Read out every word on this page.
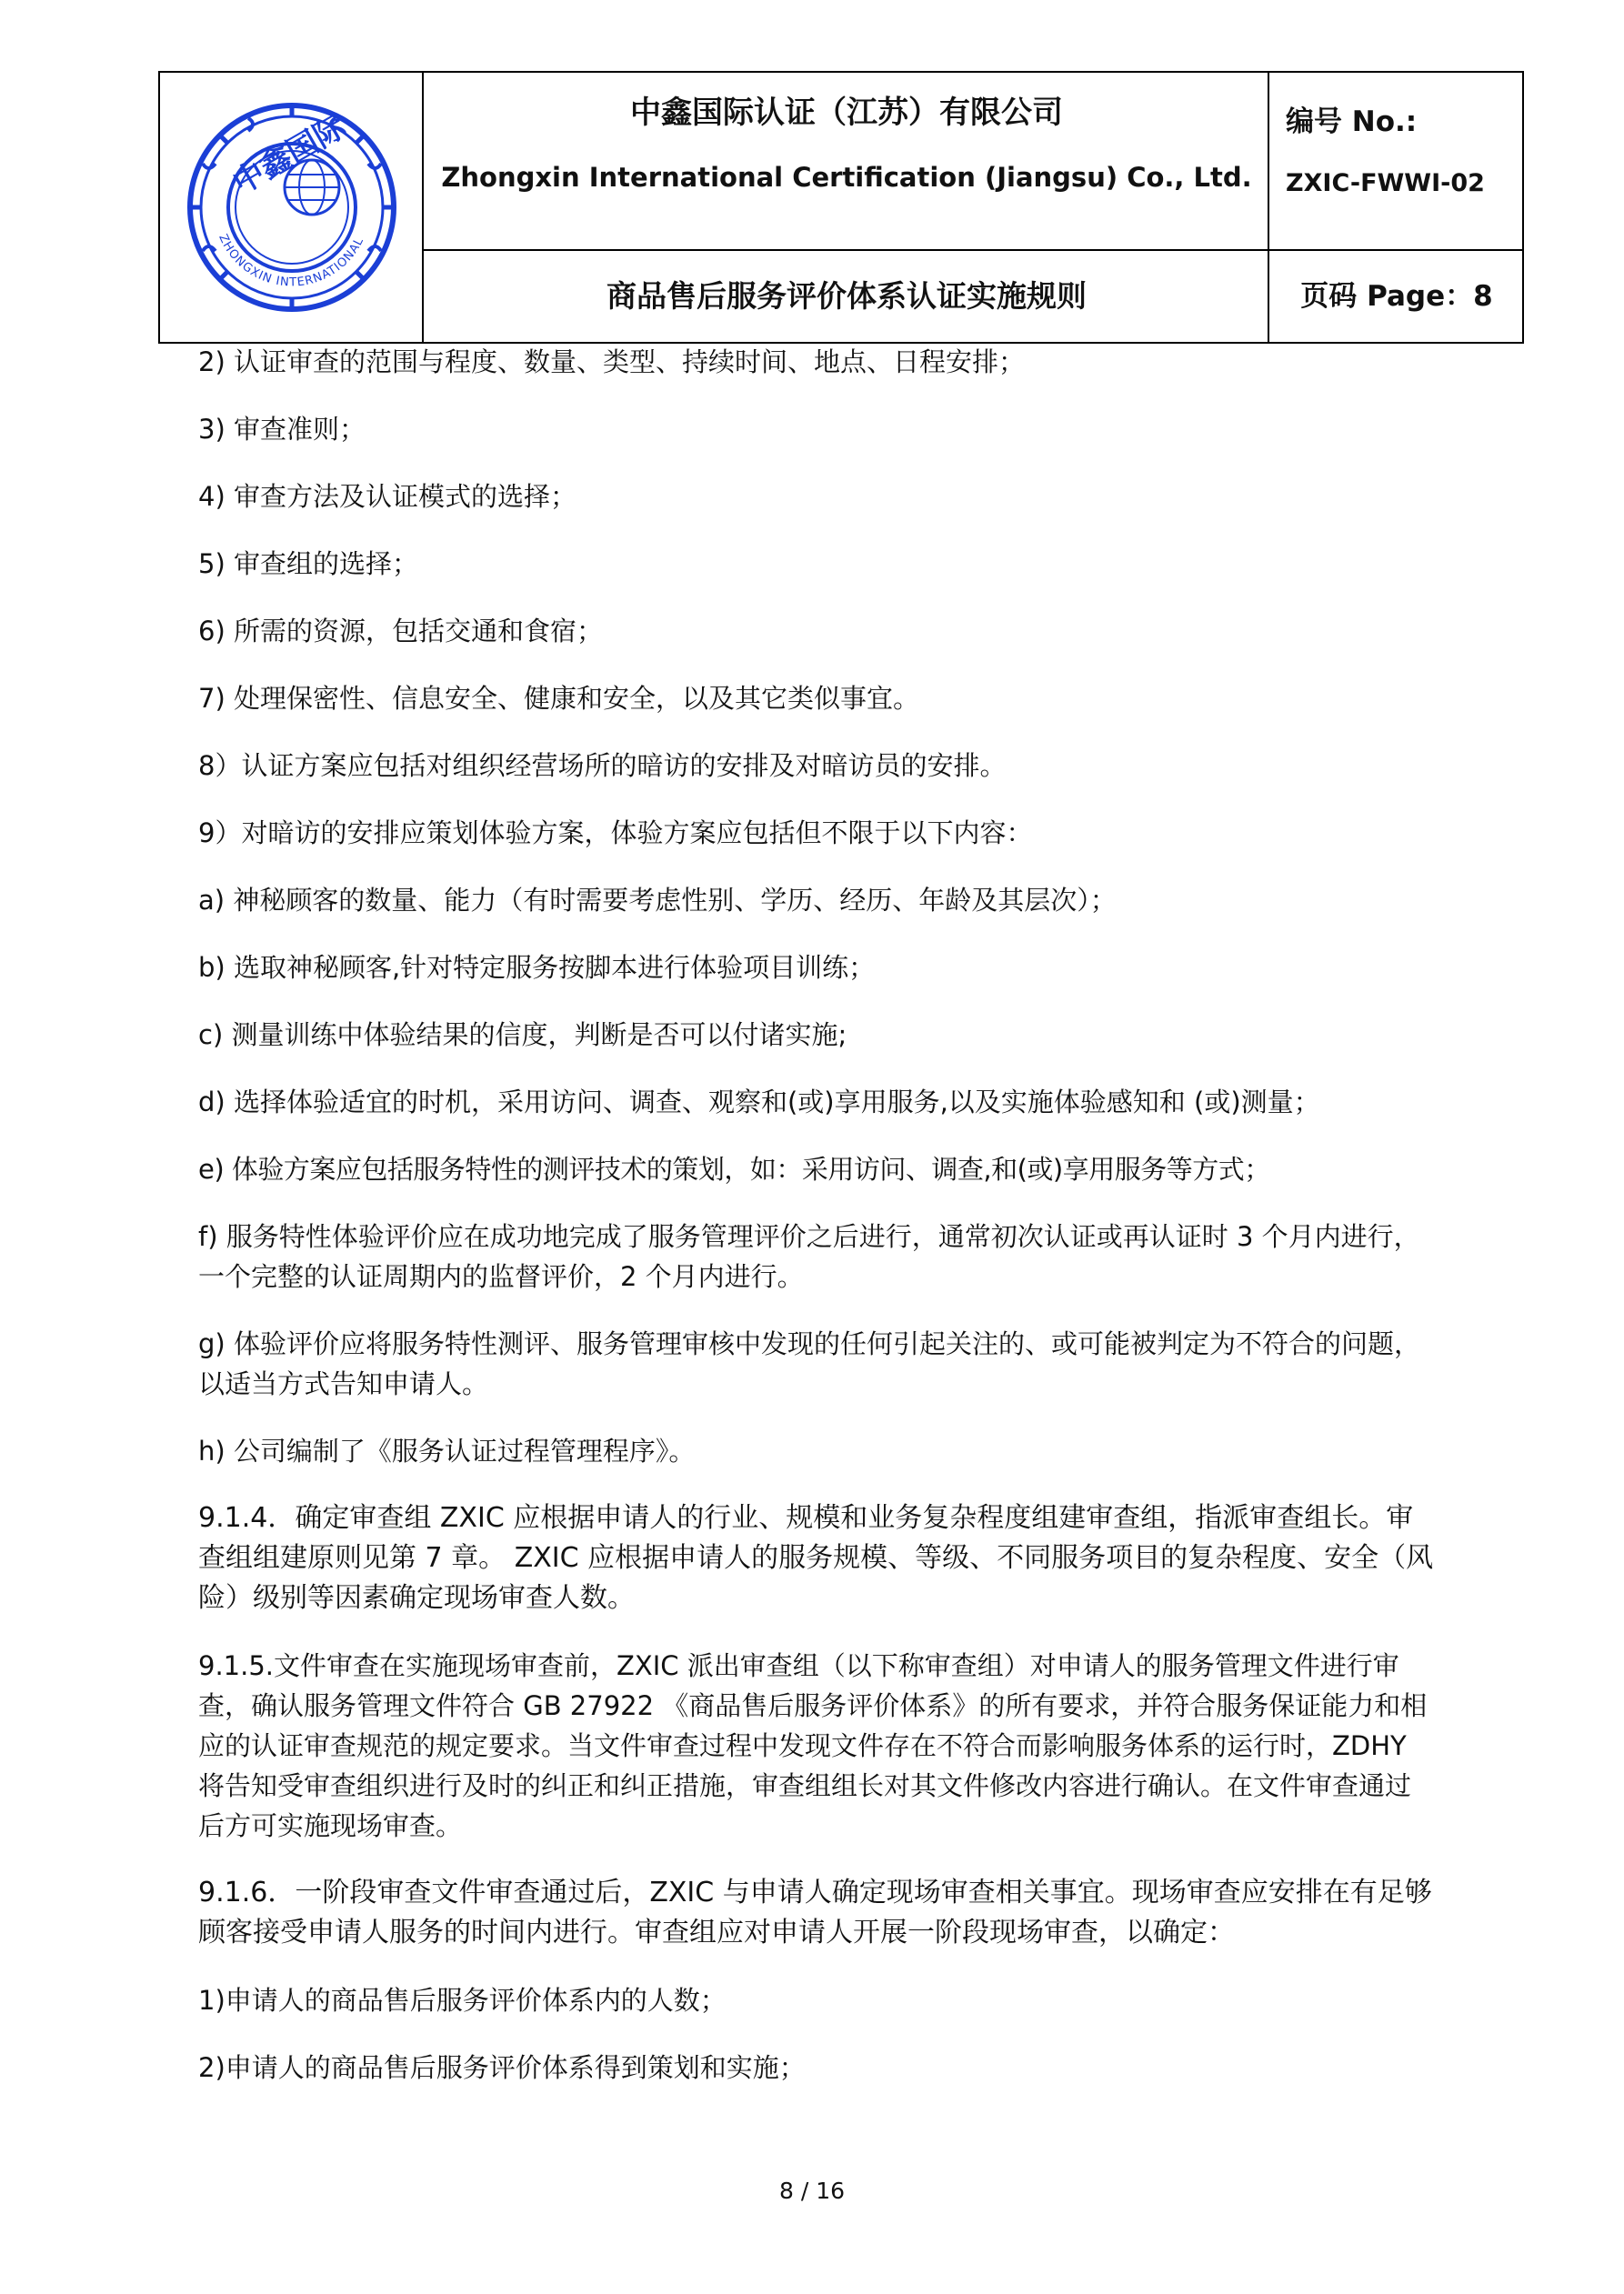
中鑫国际
ZHONGXIN INTERNATIONAL
中鑫国际认证（江苏）有限公司
Zhongxin International Certification (Jiangsu) Co., Ltd.
商品售后服务评价体系认证实施规则
编号 No.:
ZXIC-FWWI-02
页码 Page：8

2) 认证审查的范围与程度、数量、类型、持续时间、地点、日程安排；

3) 审查准则；

4) 审查方法及认证模式的选择；

5) 审查组的选择；

6) 所需的资源，包括交通和食宿；

7) 处理保密性、信息安全、健康和安全，以及其它类似事宜。

8）认证方案应包括对组织经营场所的暗访的安排及对暗访员的安排。

9）对暗访的安排应策划体验方案，体验方案应包括但不限于以下内容：

a) 神秘顾客的数量、能力（有时需要考虑性别、学历、经历、年龄及其层次）；

b) 选取神秘顾客,针对特定服务按脚本进行体验项目训练；

c) 测量训练中体验结果的信度，判断是否可以付诸实施;

d) 选择体验适宜的时机，采用访问、调查、观察和(或)享用服务,以及实施体验感知和 (或)测量；

e) 体验方案应包括服务特性的测评技术的策划，如：采用访问、调查,和(或)享用服务等方式；

f) 服务特性体验评价应在成功地完成了服务管理评价之后进行，通常初次认证或再认证时 3 个月内进行，一个完整的认证周期内的监督评价，2 个月内进行。

g) 体验评价应将服务特性测评、服务管理审核中发现的任何引起关注的、或可能被判定为不符合的问题，以适当方式告知申请人。

h) 公司编制了《服务认证过程管理程序》。

9.1.4．确定审查组 ZXIC 应根据申请人的行业、规模和业务复杂程度组建审查组，指派审查组长。审查组组建原则见第 7 章。 ZXIC 应根据申请人的服务规模、等级、不同服务项目的复杂程度、安全（风险）级别等因素确定现场审查人数。

9.1.5.文件审查在实施现场审查前，ZXIC 派出审查组（以下称审查组）对申请人的服务管理文件进行审查，确认服务管理文件符合 GB 27922 《商品售后服务评价体系》的所有要求，并符合服务保证能力和相应的认证审查规范的规定要求。当文件审查过程中发现文件存在不符合而影响服务体系的运行时，ZDHY 将告知受审查组织进行及时的纠正和纠正措施，审查组组长对其文件修改内容进行确认。在文件审查通过后方可实施现场审查。

9.1.6．一阶段审查文件审查通过后，ZXIC 与申请人确定现场审查相关事宜。现场审查应安排在有足够顾客接受申请人服务的时间内进行。审查组应对申请人开展一阶段现场审查，以确定：

1)申请人的商品售后服务评价体系内的人数；

2)申请人的商品售后服务评价体系得到策划和实施；

8 / 16
